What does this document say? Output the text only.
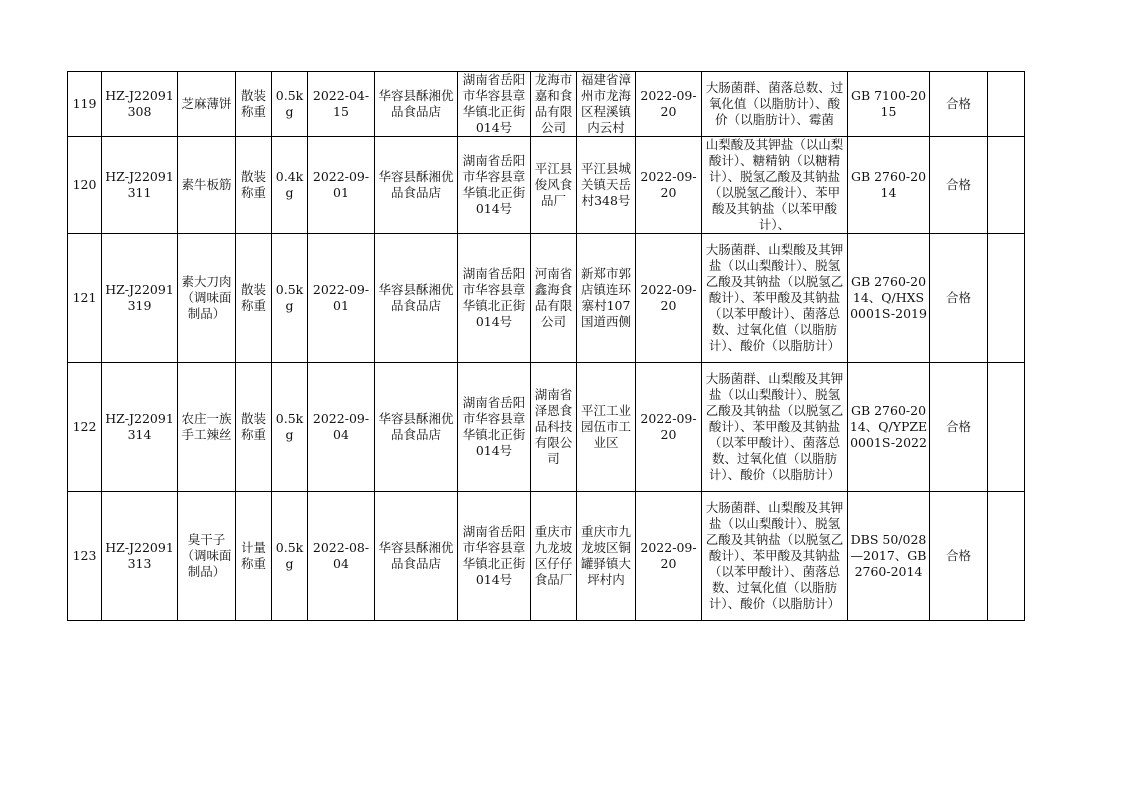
119	HZ-J22091308	芝麻薄饼	散装称重	0.5kg	2022-04-15	华容县酥湘优品食品店	湖南省岳阳市华容县章华镇北正街014号	龙海市嘉和食品有限公司	福建省漳州市龙海区程溪镇内云村	2022-09-20	大肠菌群、菌落总数、过氧化值（以脂肪计）、酸价（以脂肪计）、霉菌	GB 7100-2015	合格	

120	HZ-J22091311	素牛板筋	散装称重	0.4kg	2022-09-01	华容县酥湘优品食品店	湖南省岳阳市华容县章华镇北正街014号	平江县俊风食品厂	平江县城关镇天岳村348号	2022-09-20	山梨酸及其钾盐（以山梨酸计）、糖精钠（以糖精计）、脱氢乙酸及其钠盐（以脱氢乙酸计）、苯甲酸及其钠盐（以苯甲酸计）、	GB 2760-2014	合格	

121	HZ-J22091319	素大刀肉（调味面制品）	散装称重	0.5kg	2022-09-01	华容县酥湘优品食品店	湖南省岳阳市华容县章华镇北正街014号	河南省鑫海食品有限公司	新郑市郭店镇连环寨村107国道西侧	2022-09-20	大肠菌群、山梨酸及其钾盐（以山梨酸计）、脱氢乙酸及其钠盐（以脱氢乙酸计）、苯甲酸及其钠盐（以苯甲酸计）、菌落总数、过氧化值（以脂肪计）、酸价（以脂肪计）	GB 2760-2014、Q/HXS0001S-2019	合格	

122	HZ-J22091314	农庄一族手工辣丝	散装称重	0.5kg	2022-09-04	华容县酥湘优品食品店	湖南省岳阳市华容县章华镇北正街014号	湖南省泽恩食品科技有限公司	平江工业园伍市工业区	2022-09-20	大肠菌群、山梨酸及其钾盐（以山梨酸计）、脱氢乙酸及其钠盐（以脱氢乙酸计）、苯甲酸及其钠盐（以苯甲酸计）、菌落总数、过氧化值（以脂肪计）、酸价（以脂肪计）	GB 2760-2014、Q/YPZE0001S-2022	合格	

123	HZ-J22091313	臭干子（调味面制品）	计量称重	0.5kg	2022-08-04	华容县酥湘优品食品店	湖南省岳阳市华容县章华镇北正街014号	重庆市九龙坡区仔仔食品厂	重庆市九龙坡区铜罐驿镇大坪村内	2022-09-20	大肠菌群、山梨酸及其钾盐（以山梨酸计）、脱氢乙酸及其钠盐（以脱氢乙酸计）、苯甲酸及其钠盐（以苯甲酸计）、菌落总数、过氧化值（以脂肪计）、酸价（以脂肪计）	DBS 50/028—2017、GB 2760-2014	合格	
